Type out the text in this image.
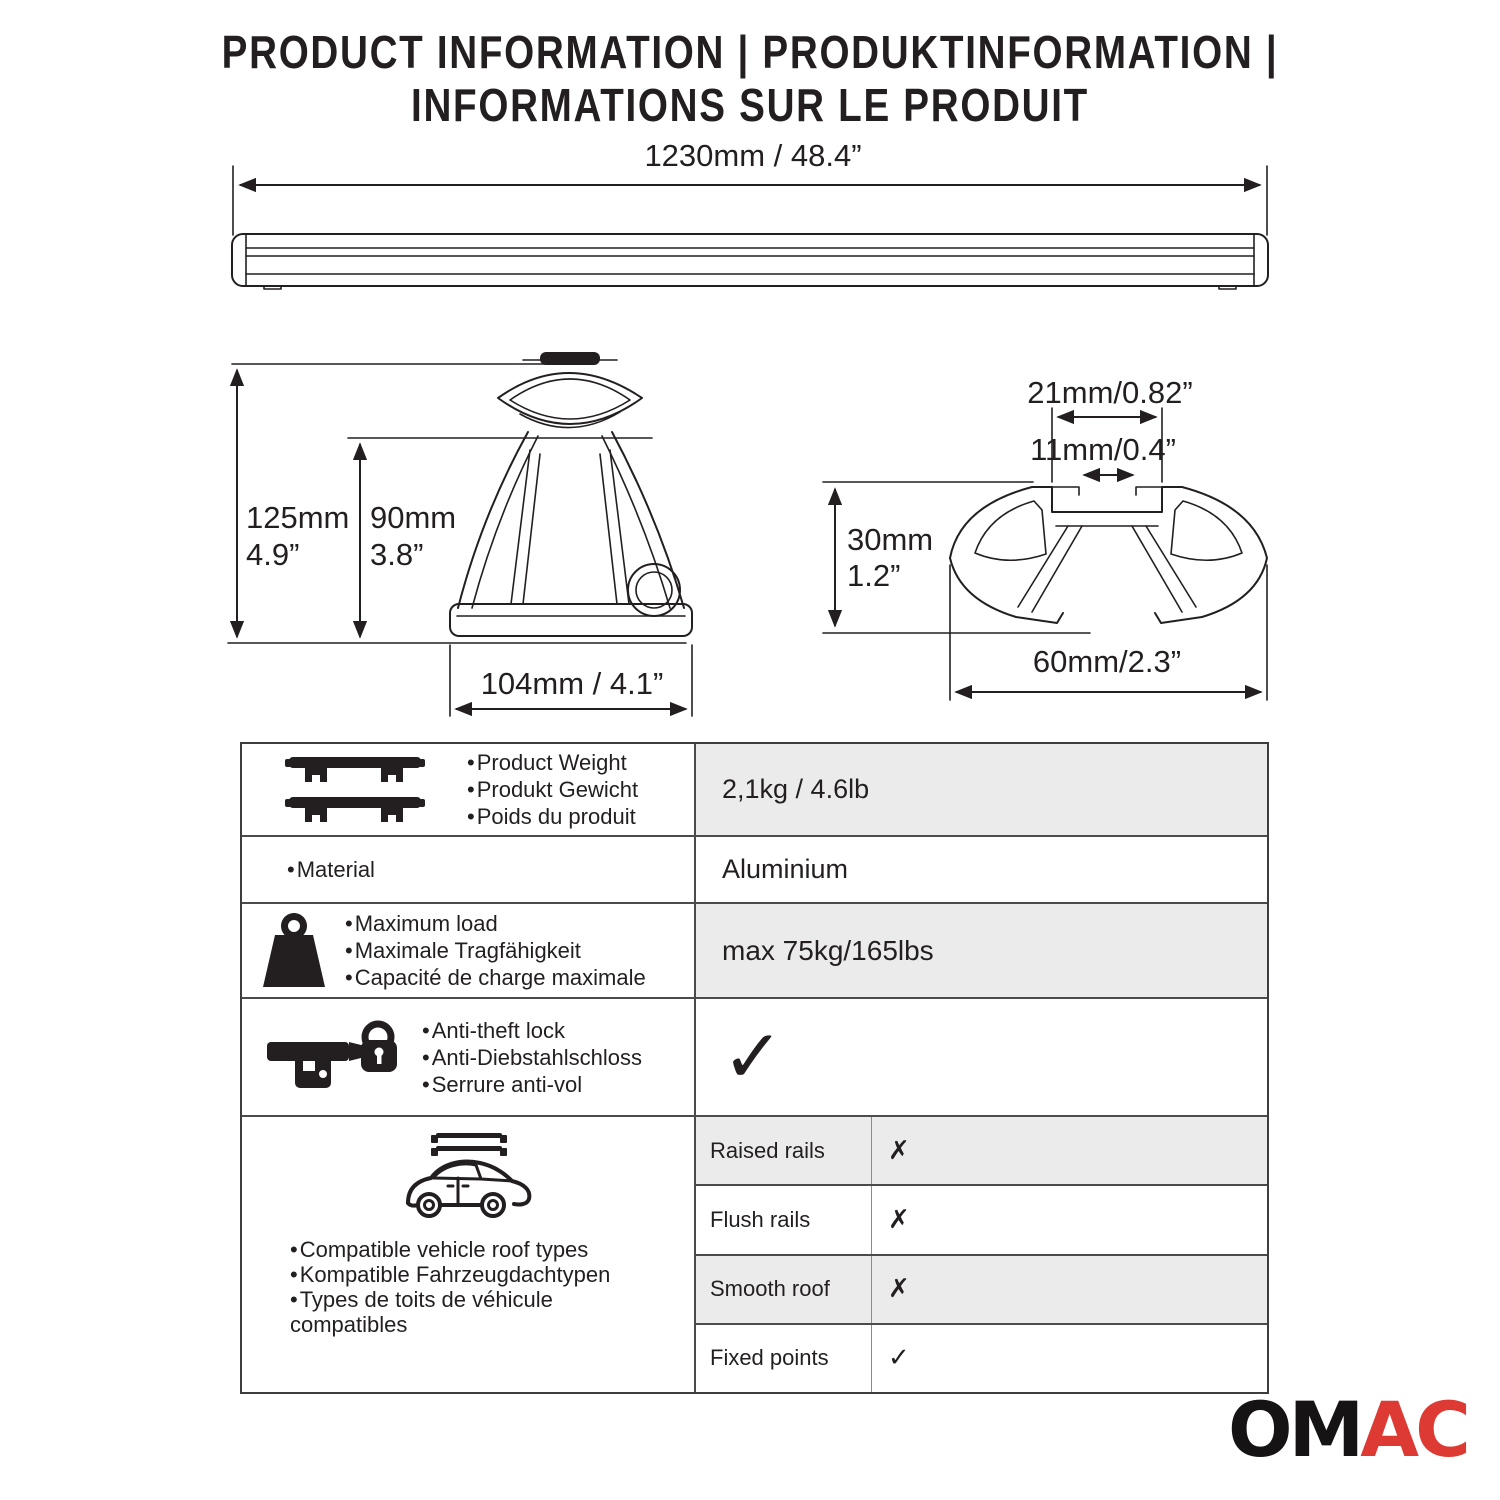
PRODUCT INFORMATION | PRODUKTINFORMATION |
INFORMATIONS SUR LE PRODUIT
1230mm / 48.4”
125mm
4.9”
90mm
3.8”
104mm / 4.1”
21mm/0.82”
11mm/0.4”
30mm
1.2”
60mm/2.3”
• Product Weight
• Produkt Gewicht
• Poids du produit
2,1kg / 4.6lb
• Material	Aluminium
• Maximum load
• Maximale Tragfähigkeit
• Capacité de charge maximale
max 75kg/165lbs
• Anti-theft lock
• Anti-Diebstahlschloss
• Serrure anti-vol	✓
• Compatible vehicle roof types
• Kompatible Fahrzeugdachtypen
• Types de toits de véhicule compatibles
Raised rails	✗
Flush rails	✗
Smooth roof	✗
Fixed points	✓
OMAC
